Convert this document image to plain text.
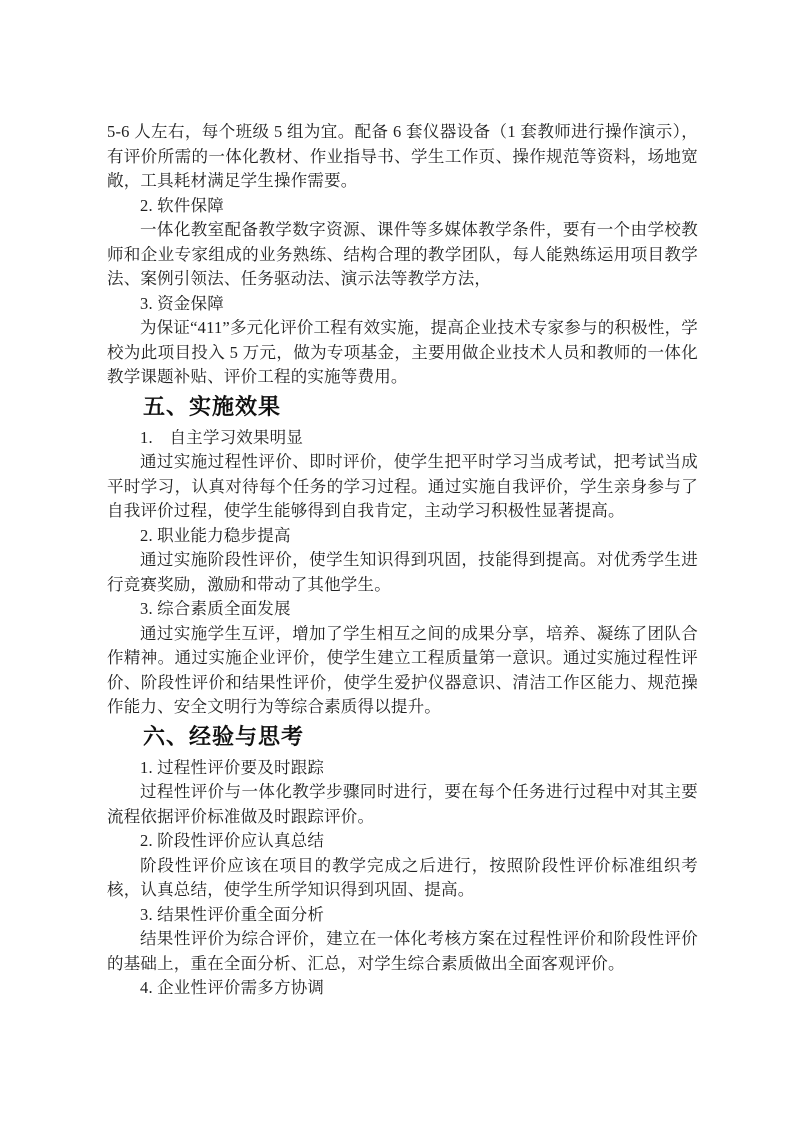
5-6 人左右，每个班级 5 组为宜。配备 6 套仪器设备（1 套教师进行操作演示），有评价所需的一体化教材、作业指导书、学生工作页、操作规范等资料，场地宽敞，工具耗材满足学生操作需要。

2. 软件保障

一体化教室配备教学数字资源、课件等多媒体教学条件，要有一个由学校教师和企业专家组成的业务熟练、结构合理的教学团队，每人能熟练运用项目教学法、案例引领法、任务驱动法、演示法等教学方法，

3. 资金保障

为保证“411”多元化评价工程有效实施，提高企业技术专家参与的积极性，学校为此项目投入 5 万元，做为专项基金，主要用做企业技术人员和教师的一体化教学课题补贴、评价工程的实施等费用。

五、实施效果

1.　自主学习效果明显

通过实施过程性评价、即时评价，使学生把平时学习当成考试，把考试当成平时学习，认真对待每个任务的学习过程。通过实施自我评价，学生亲身参与了自我评价过程，使学生能够得到自我肯定，主动学习积极性显著提高。

2. 职业能力稳步提高

通过实施阶段性评价，使学生知识得到巩固，技能得到提高。对优秀学生进行竞赛奖励，激励和带动了其他学生。

3. 综合素质全面发展

通过实施学生互评，增加了学生相互之间的成果分享，培养、凝练了团队合作精神。通过实施企业评价，使学生建立工程质量第一意识。通过实施过程性评价、阶段性评价和结果性评价，使学生爱护仪器意识、清洁工作区能力、规范操作能力、安全文明行为等综合素质得以提升。

六、经验与思考

1. 过程性评价要及时跟踪

过程性评价与一体化教学步骤同时进行，要在每个任务进行过程中对其主要流程依据评价标准做及时跟踪评价。

2. 阶段性评价应认真总结

阶段性评价应该在项目的教学完成之后进行，按照阶段性评价标准组织考核，认真总结，使学生所学知识得到巩固、提高。

3. 结果性评价重全面分析

结果性评价为综合评价，建立在一体化考核方案在过程性评价和阶段性评价的基础上，重在全面分析、汇总，对学生综合素质做出全面客观评价。

4. 企业性评价需多方协调
